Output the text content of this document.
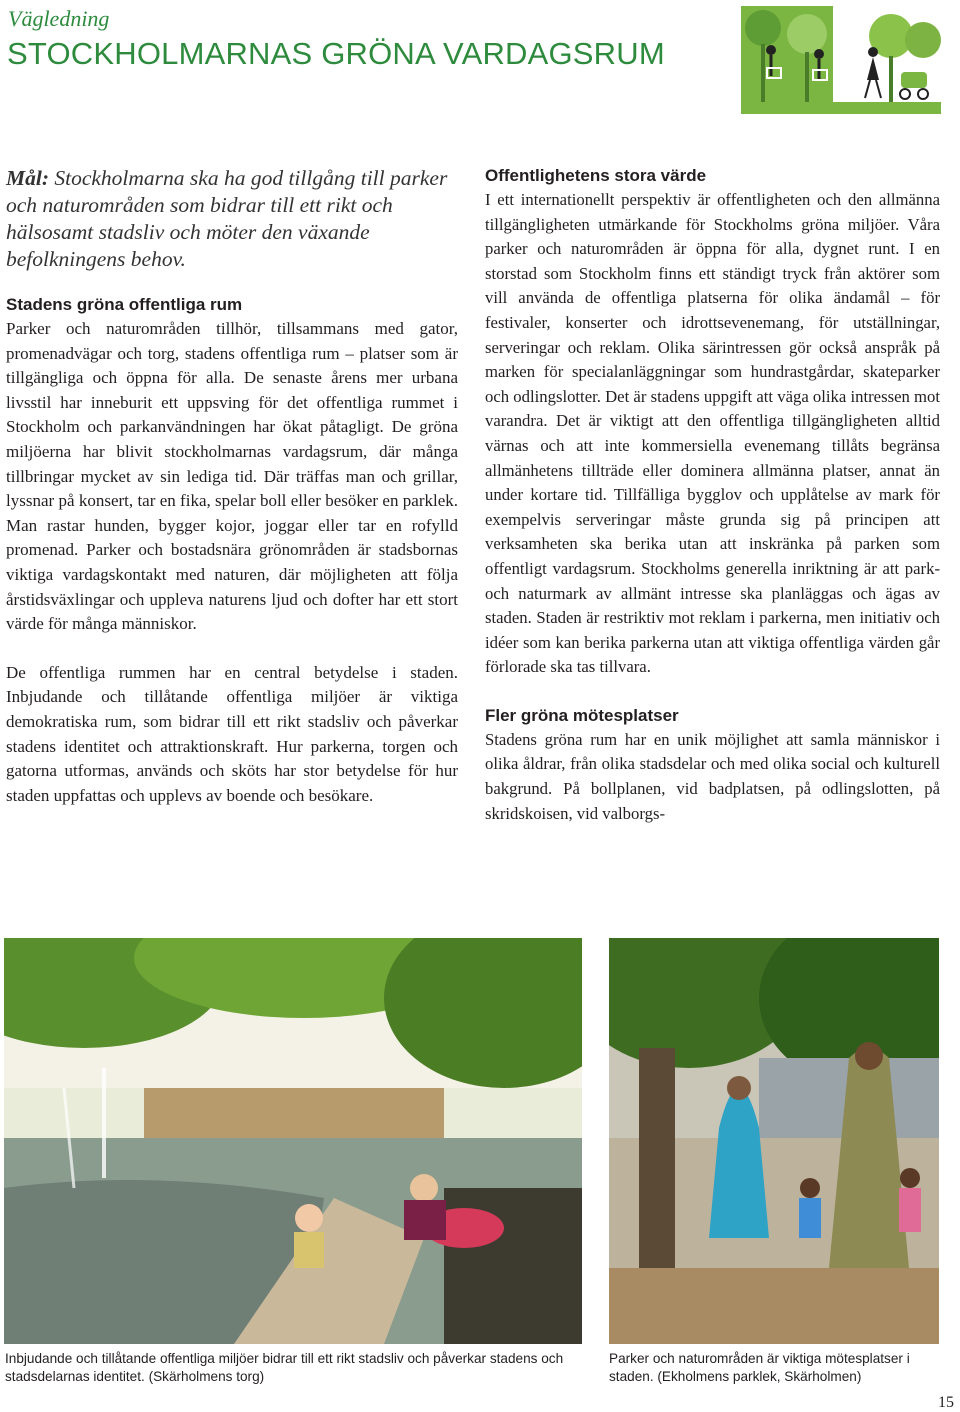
Vägledning
STOCKHOLMARNAS GRÖNA VARDAGSRUM

Mål: Stockholmarna ska ha god tillgång till parker och naturområden som bidrar till ett rikt och hälsosamt stadsliv och möter den växande befolkningens behov.

Stadens gröna offentliga rum

Parker och naturområden tillhör, tillsammans med gator, promenadvägar och torg, stadens offentliga rum – platser som är tillgängliga och öppna för alla. De senaste årens mer urbana livsstil har inneburit ett uppsving för det offentliga rummet i Stockholm och parkanvändningen har ökat påtagligt. De gröna miljöerna har blivit stockholmarnas vardagsrum, där många tillbringar mycket av sin lediga tid. Där träffas man och grillar, lyssnar på konsert, tar en fika, spelar boll eller besöker en parklek. Man rastar hunden, bygger kojor, joggar eller tar en rofylld promenad. Parker och bostadsnära grönområden är stadsbornas viktiga vardagskontakt med naturen, där möjligheten att följa årstidsväxlingar och uppleva naturens ljud och dofter har ett stort värde för många människor.

De offentliga rummen har en central betydelse i staden. Inbjudande och tillåtande offentliga miljöer är viktiga demokratiska rum, som bidrar till ett rikt stadsliv och påverkar stadens identitet och attraktionskraft. Hur parkerna, torgen och gatorna utformas, används och sköts har stor betydelse för hur staden uppfattas och upplevs av boende och besökare.

Offentlighetens stora värde

I ett internationellt perspektiv är offentligheten och den allmänna tillgängligheten utmärkande för Stockholms gröna miljöer. Våra parker och naturområden är öppna för alla, dygnet runt. I en storstad som Stockholm finns ett ständigt tryck från aktörer som vill använda de offentliga platserna för olika ändamål – för festivaler, konserter och idrottsevenemang, för utställningar, serveringar och reklam. Olika särintressen gör också anspråk på marken för specialanläggningar som hundrastgårdar, skateparker och odlingslotter. Det är stadens uppgift att väga olika intressen mot varandra. Det är viktigt att den offentliga tillgängligheten alltid värnas och att inte kommersiella evenemang tillåts begränsa allmänhetens tillträde eller dominera allmänna platser, annat än under kortare tid. Tillfälliga bygglov och upplåtelse av mark för exempelvis serveringar måste grunda sig på principen att verksamheten ska berika utan att inskränka på parken som offentligt vardagsrum. Stockholms generella inriktning är att park- och naturmark av allmänt intresse ska planläggas och ägas av staden. Staden är restriktiv mot reklam i parkerna, men initiativ och idéer som kan berika parkerna utan att viktiga offentliga värden går förlorade ska tas tillvara.

Fler gröna mötesplatser

Stadens gröna rum har en unik möjlighet att samla människor i olika åldrar, från olika stadsdelar och med olika social och kulturell bakgrund. På bollplanen, vid badplatsen, på odlingslotten, på skridskoisen, vid valborgs-

Inbjudande och tillåtande offentliga miljöer bidrar till ett rikt stadsliv och påverkar stadens och stadsdelarnas identitet. (Skärholmens torg)
Parker och naturområden är viktiga mötesplatser i staden. (Ekholmens parklek, Skärholmen)
15
